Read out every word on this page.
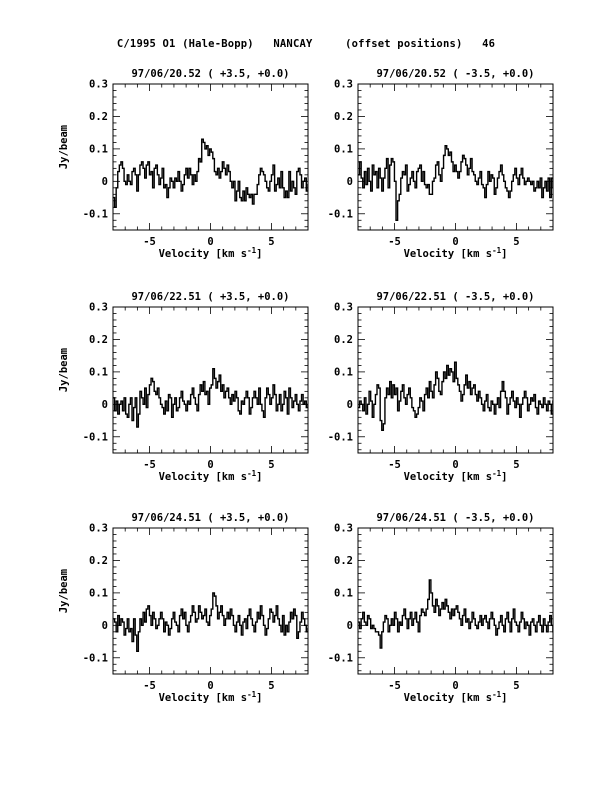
C/1995 O1 (Hale-Bopp)   NANCAY     (offset positions)   46
97/06/20.52 ( +3.5, +0.0)
-5	0	5
-0.1
0
0.1
0.2
0.3
Velocity [km $s^{-1}$]
Jy/beam
97/06/20.52 ( -3.5, +0.0)
-5	0	5
-0.1
0
0.1
0.2
0.3
Velocity [km $s^{-1}$]
97/06/22.51 ( +3.5, +0.0)
-5	0	5
-0.1
0
0.1
0.2
0.3
Velocity [km $s^{-1}$]
Jy/beam
97/06/22.51 ( -3.5, +0.0)
-5	0	5
-0.1
0
0.1
0.2
0.3
Velocity [km $s^{-1}$]
97/06/24.51 ( +3.5, +0.0)
-5	0	5
-0.1
0
0.1
0.2
0.3
Velocity [km $s^{-1}$]
Jy/beam
97/06/24.51 ( -3.5, +0.0)
-5	0	5
-0.1
0
0.1
0.2
0.3
Velocity [km $s^{-1}$]
